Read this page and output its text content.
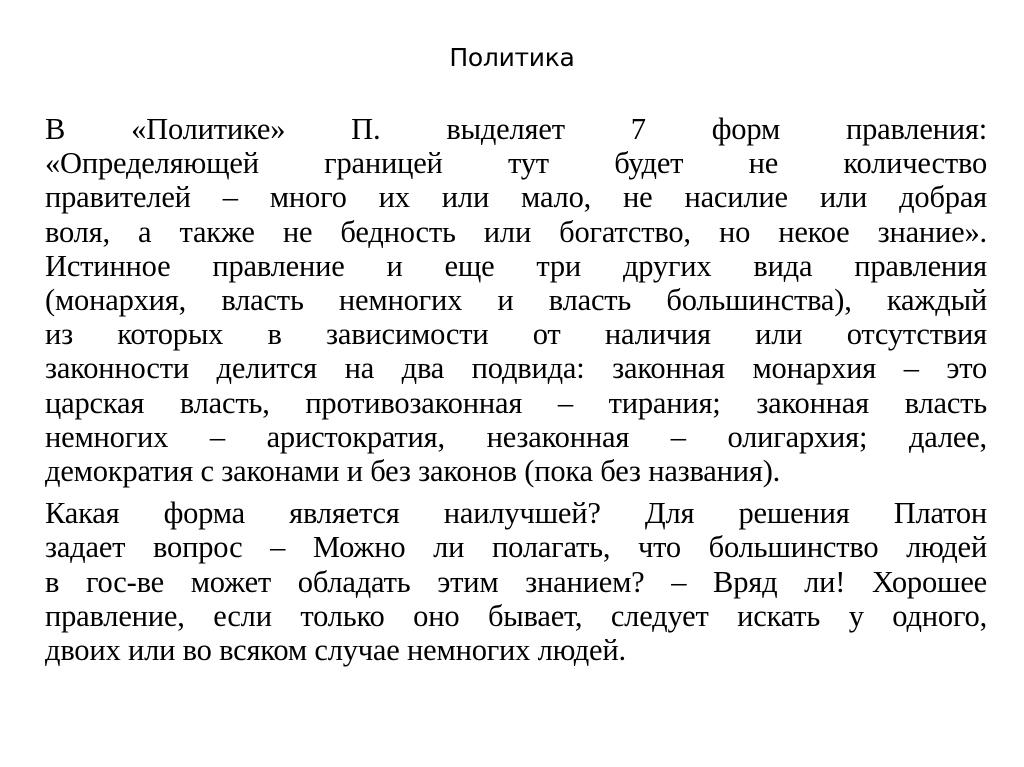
Политика

В «Политике» П. выделяет 7 форм правления:
«Определяющей границей тут будет не количество
правителей – много их или мало, не насилие или добрая
воля, а также не бедность или богатство, но некое знание».
Истинное правление и еще три других вида правления
(монархия, власть немногих и власть большинства), каждый
из которых в зависимости от наличия или отсутствия
законности делится на два подвида: законная монархия – это
царская власть, противозаконная – тирания; законная власть
немногих – аристократия, незаконная – олигархия; далее,
демократия с законами и без законов (пока без названия).

Какая форма является наилучшей? Для решения Платон
задает вопрос – Можно ли полагать, что большинство людей
в гос-ве может обладать этим знанием? – Вряд ли! Хорошее
правление, если только оно бывает, следует искать у одного,
двоих или во всяком случае немногих людей.
